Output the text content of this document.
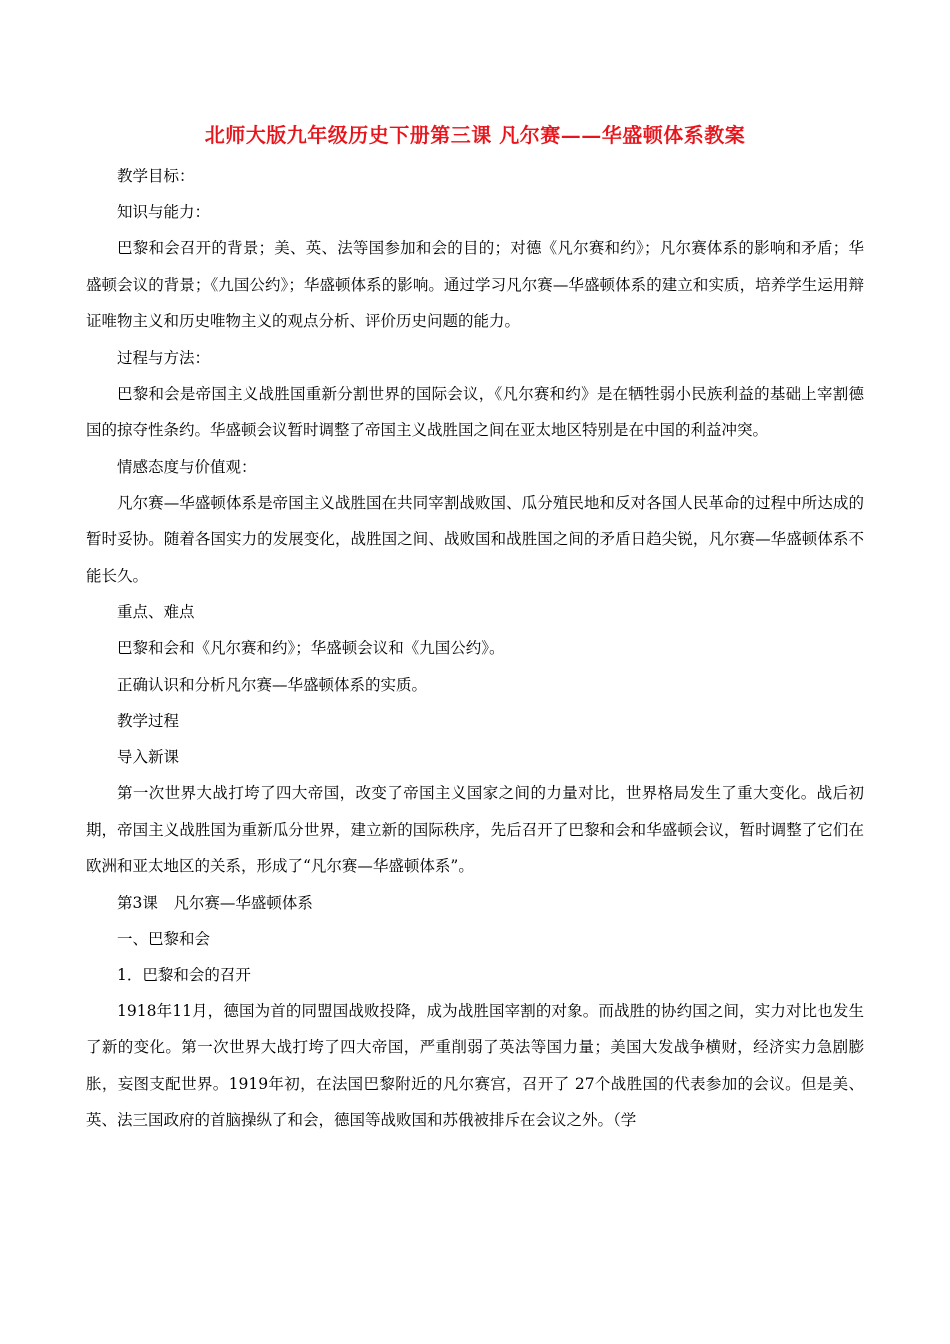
北师大版九年级历史下册第三课 凡尔赛——华盛顿体系教案

教学目标：

知识与能力：

巴黎和会召开的背景；美、英、法等国参加和会的目的；对德《凡尔赛和约》；凡尔赛体系的影响和矛盾；华盛顿会议的背景；《九国公约》；华盛顿体系的影响。通过学习凡尔赛—华盛顿体系的建立和实质，培养学生运用辩证唯物主义和历史唯物主义的观点分析、评价历史问题的能力。

过程与方法：

巴黎和会是帝国主义战胜国重新分割世界的国际会议，《凡尔赛和约》是在牺牲弱小民族利益的基础上宰割德国的掠夺性条约。华盛顿会议暂时调整了帝国主义战胜国之间在亚太地区特别是在中国的利益冲突。

情感态度与价值观：

凡尔赛—华盛顿体系是帝国主义战胜国在共同宰割战败国、瓜分殖民地和反对各国人民革命的过程中所达成的暂时妥协。随着各国实力的发展变化，战胜国之间、战败国和战胜国之间的矛盾日趋尖锐，凡尔赛—华盛顿体系不能长久。

重点、难点

巴黎和会和《凡尔赛和约》；华盛顿会议和《九国公约》。

正确认识和分析凡尔赛—华盛顿体系的实质。

教学过程

导入新课

第一次世界大战打垮了四大帝国，改变了帝国主义国家之间的力量对比，世界格局发生了重大变化。战后初期，帝国主义战胜国为重新瓜分世界，建立新的国际秩序，先后召开了巴黎和会和华盛顿会议，暂时调整了它们在欧洲和亚太地区的关系，形成了“凡尔赛—华盛顿体系”。

第3课　凡尔赛—华盛顿体系

一、巴黎和会

1．巴黎和会的召开

1918年11月，德国为首的同盟国战败投降，成为战胜国宰割的对象。而战胜的协约国之间，实力对比也发生了新的变化。第一次世界大战打垮了四大帝国，严重削弱了英法等国力量；美国大发战争横财，经济实力急剧膨胀，妄图支配世界。1919年初，在法国巴黎附近的凡尔赛宫，召开了 27个战胜国的代表参加的会议。但是美、英、法三国政府的首脑操纵了和会，德国等战败国和苏俄被排斥在会议之外。（学
